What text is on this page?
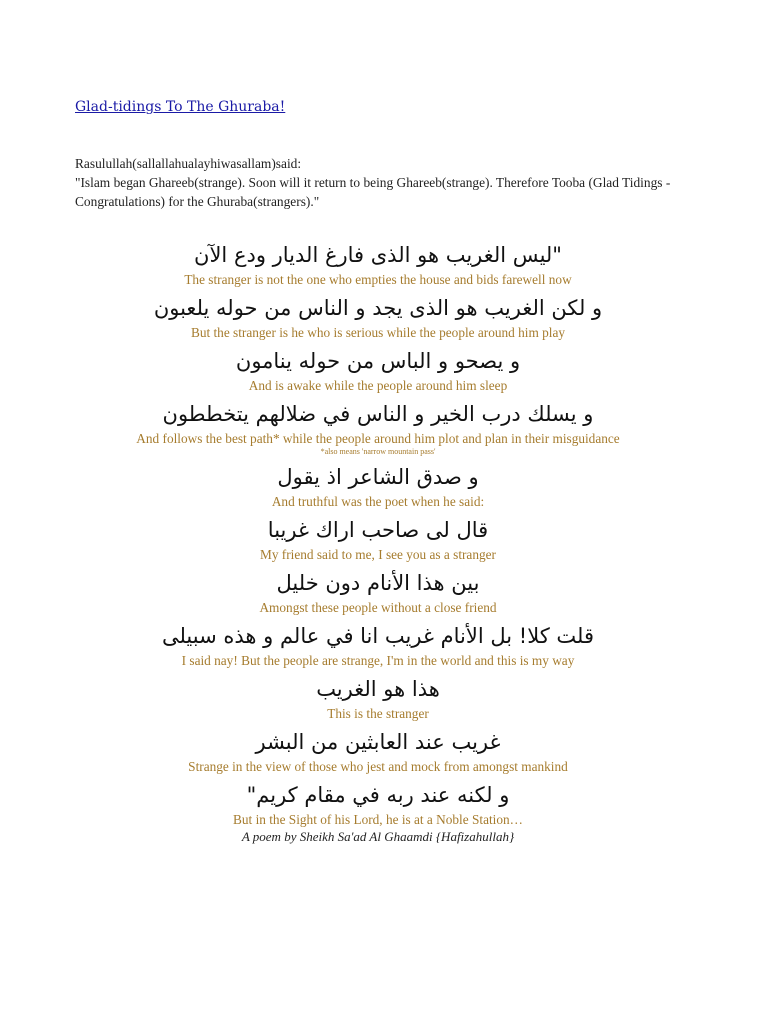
Glad-tidings To The Ghuraba!

Rasulullah(sallallahualayhiwasallam)said:

"Islam began Ghareeb(strange). Soon will it return to being Ghareeb(strange). Therefore Tooba (Glad Tidings -Congratulations) for the Ghuraba(strangers)."

"ليس الغريب هو الذى فارغ الديار ودع الآن
The stranger is not the one who empties the house and bids farewell now
و لكن الغريب هو الذى يجد و الناس من حوله يلعبون
But the stranger is he who is serious while the people around him play
و يصحو و الباس من حوله ينامون
And is awake while the people around him sleep
و يسلك درب الخير و الناس في ضلالهم يتخططون
And follows the best path* while the people around him plot and plan in their misguidance
*also means 'narrow mountain pass'
و صدق الشاعر اذ يقول
And truthful was the poet when he said:
قال لى صاحب اراك غريبا
My friend said to me, I see you as a stranger
بين هذا الأنام دون خليل
Amongst these people without a close friend
قلت كلا! بل الأنام غريب انا في عالم و هذه سبيلى
I said nay! But the people are strange, I'm in the world and this is my way
هذا هو الغريب
This is the stranger
غريب عند العابثين من البشر
Strange in the view of those who jest and mock from amongst mankind
و لكنه عند ربه في مقام كريم"
But in the Sight of his Lord, he is at a Noble Station…
A poem by Sheikh Sa'ad Al Ghaamdi {Hafizahullah}
